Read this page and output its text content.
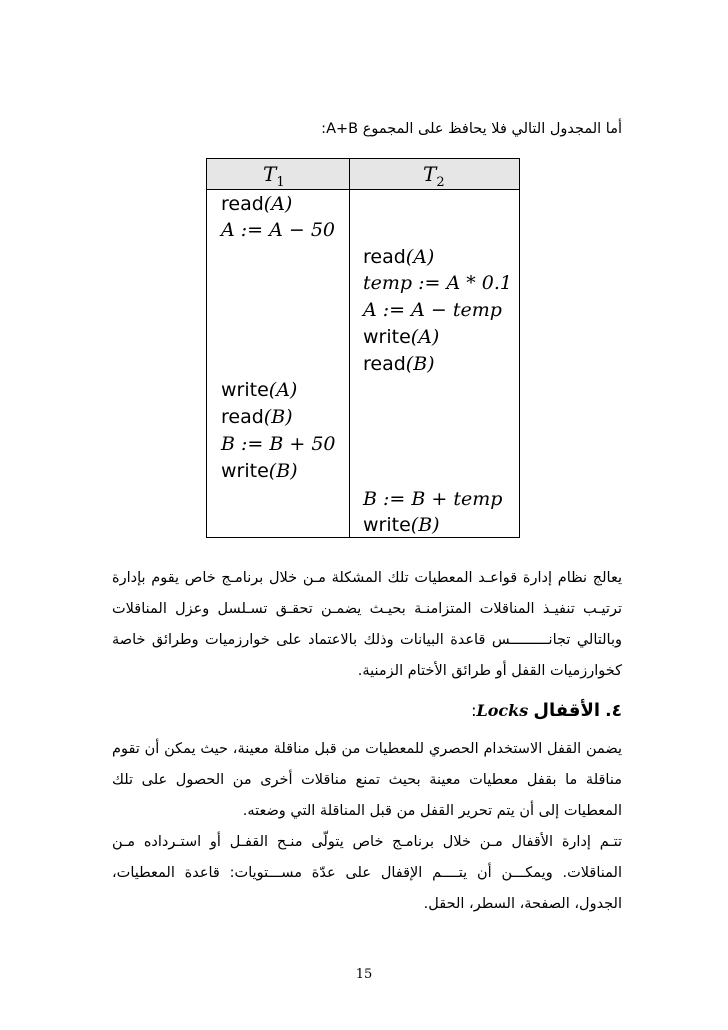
أما المجدول التالي فلا يحافظ على المجموع A+B:
$T_1$	$T_2$
read(A)
A := A − 50
write(A)
read(B)
B := B + 50
write(B)
read(A)
temp := A * 0.1
A := A − temp
write(A)
read(B)
B := B + temp
write(B)
يعالج نظام إدارة قواعـد المعطيات تلك المشكلة مـن خلال برنامـج خاص يقوم بإدارة ترتيـب تنفيـذ المناقلات المتزامنـة بحيـث يضمـن تحقـق تسـلسل وعزل المناقلات وبالتالي تجانـــــــــس قاعدة البيانات وذلك بالاعتماد على خوارزميات وطرائق خاصة كخوارزميات القفل أو طرائق الأختام الزمنية.
٤. الأقفال Locks:
يضمن القفل الاستخدام الحصري للمعطيات من قبل مناقلة معينة، حيث يمكن أن تقوم مناقلة ما بقفل معطيات معينة بحيث تمنع مناقلات أخرى من الحصول على تلك المعطيات إلى أن يتم تحرير القفل من قبل المناقلة التي وضعته.
تتـم إدارة الأقفال مـن خلال برنامـج خاص يتولّى منـح القفـل أو استـرداده مـن المناقلات. ويمكـــن أن يتــــم الإقفال على عدّة مســـتويات: قاعدة المعطيات، الجدول، الصفحة، السطر، الحقل.
15
